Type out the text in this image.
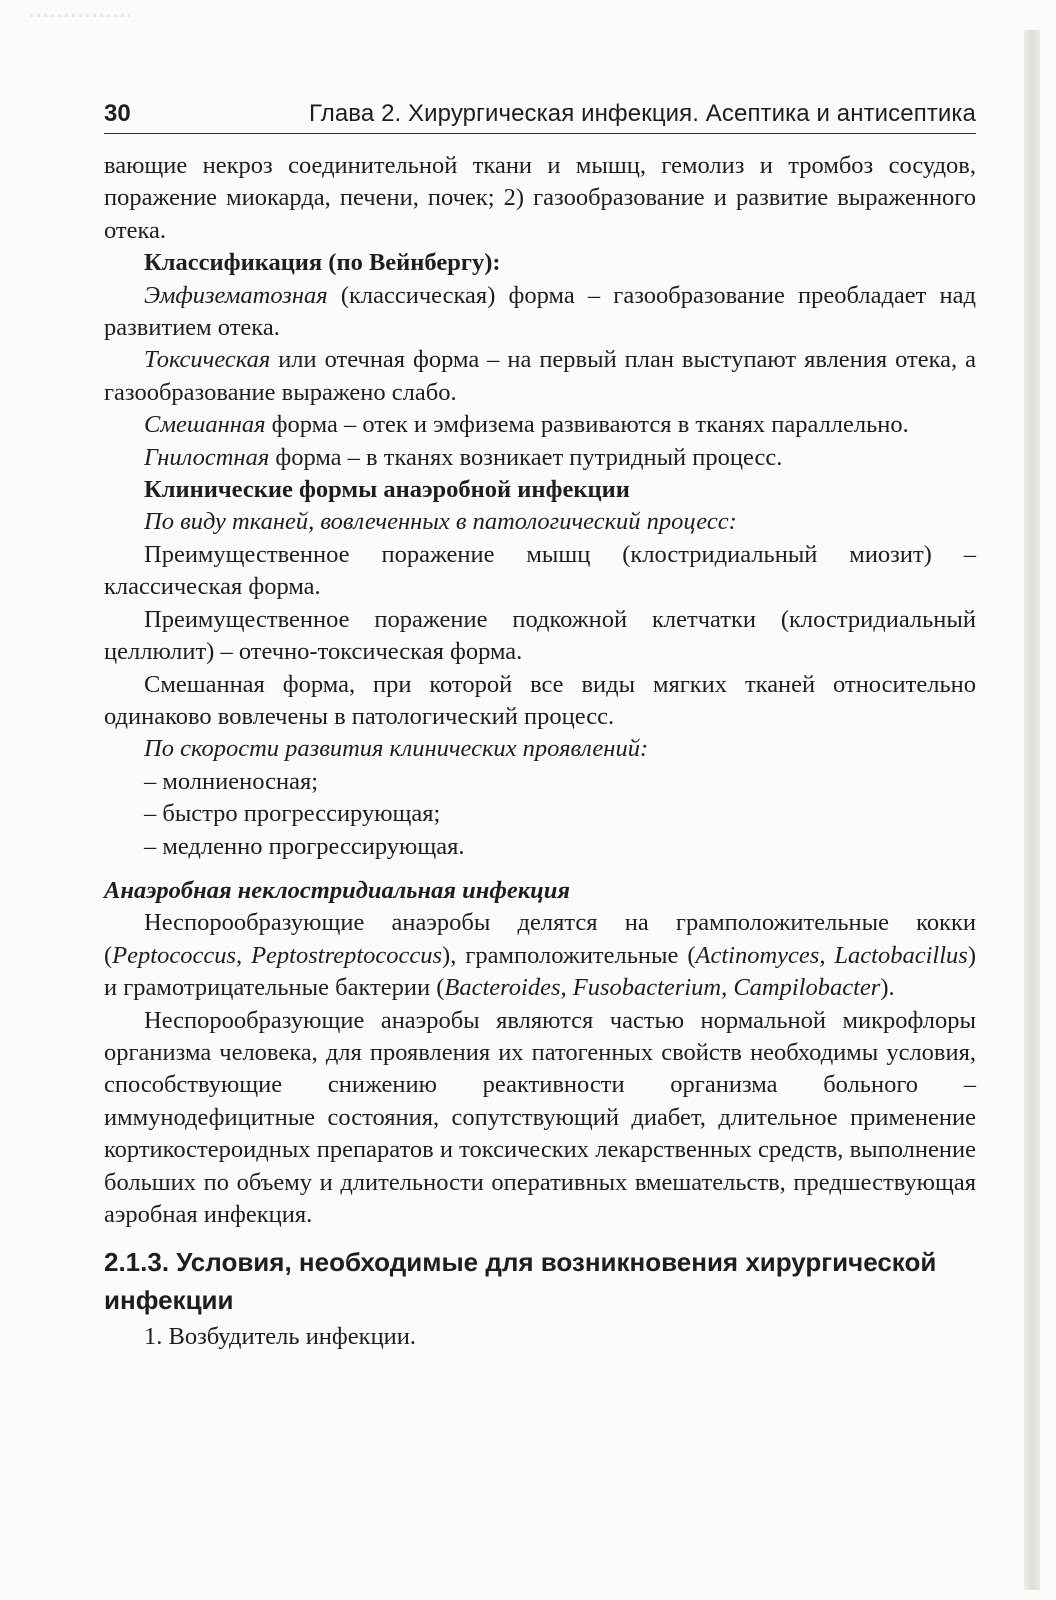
30	Глава 2. Хирургическая инфекция. Асептика и антисептика

вающие некроз соединительной ткани и мышц, гемолиз и тромбоз сосудов, поражение миокарда, печени, почек; 2) газообразование и развитие выраженного отека.

Классификация (по Вейнбергу):

Эмфизематозная (классическая) форма – газообразование преобладает над развитием отека.

Токсическая или отечная форма – на первый план выступают явления отека, а газообразование выражено слабо.

Смешанная форма – отек и эмфизема развиваются в тканях параллельно.

Гнилостная форма – в тканях возникает путридный процесс.

Клинические формы анаэробной инфекции

По виду тканей, вовлеченных в патологический процесс:

Преимущественное поражение мышц (клостридиальный миозит) – классическая форма.

Преимущественное поражение подкожной клетчатки (клостридиальный целлюлит) – отечно-токсическая форма.

Смешанная форма, при которой все виды мягких тканей относительно одинаково вовлечены в патологический процесс.

По скорости развития клинических проявлений:

– молниеносная;

– быстро прогрессирующая;

– медленно прогрессирующая.

Анаэробная неклостридиальная инфекция

Неспорообразующие анаэробы делятся на грамположительные кокки (Peptococcus, Peptostreptococcus), грамположительные (Actinomyces, Lactobacillus) и грамотрицательные бактерии (Bacteroides, Fusobacterium, Campilobacter).

Неспорообразующие анаэробы являются частью нормальной микрофлоры организма человека, для проявления их патогенных свойств необходимы условия, способствующие снижению реактивности организма больного – иммунодефицитные состояния, сопутствующий диабет, длительное применение кортикостероидных препаратов и токсических лекарственных средств, выполнение больших по объему и длительности оперативных вмешательств, предшествующая аэробная инфекция.

2.1.3. Условия, необходимые для возникновения хирургической инфекции

1. Возбудитель инфекции.
